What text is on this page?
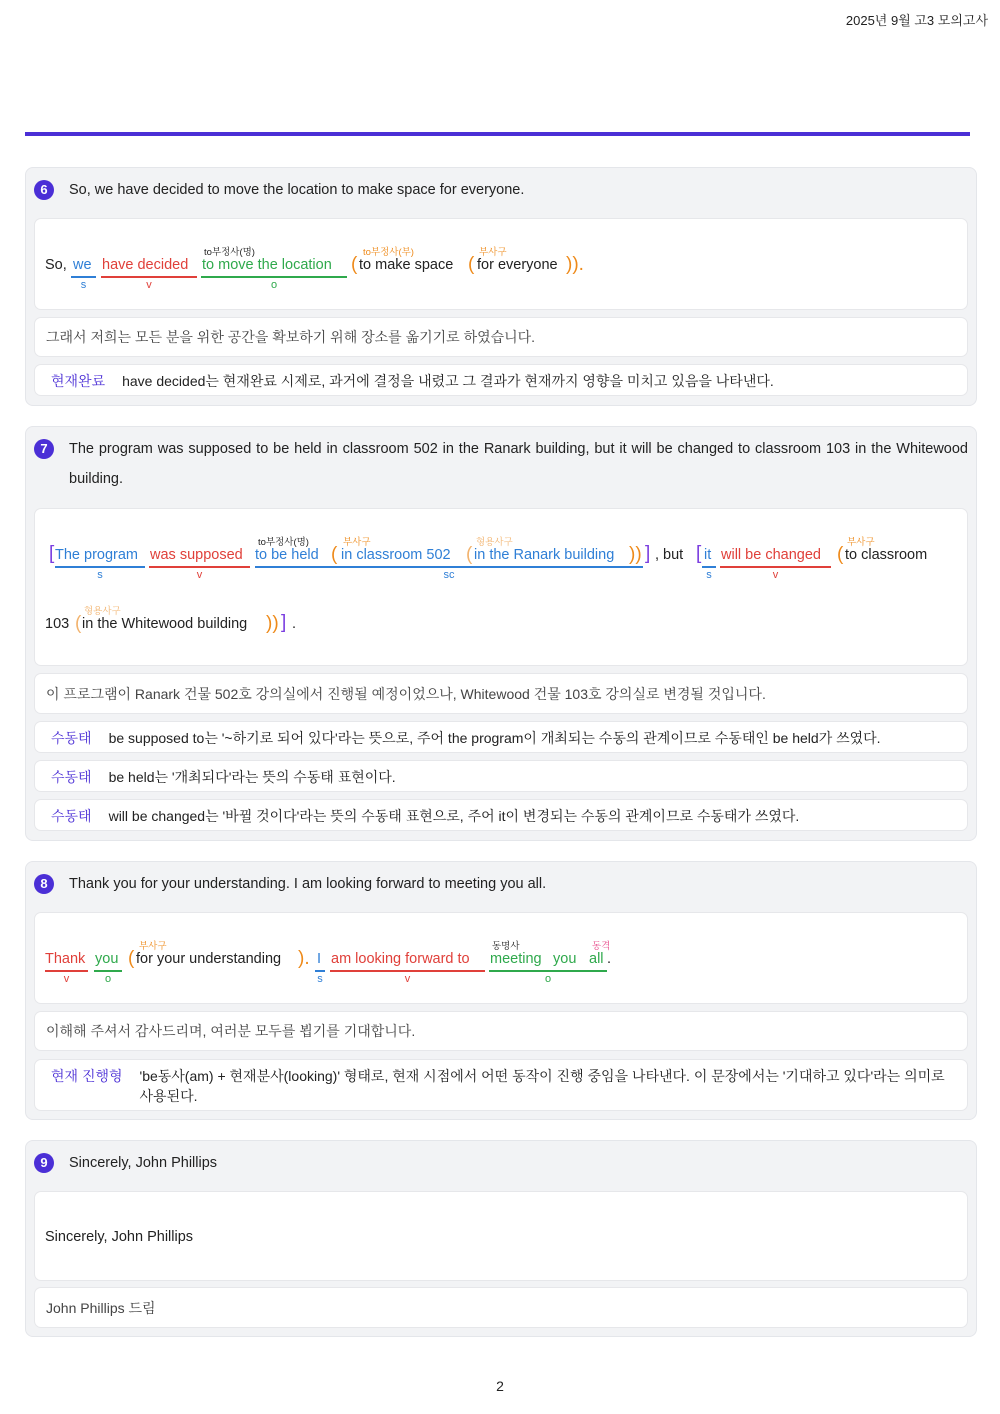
2025년 9월 고3 모의고사
6	So, we have decided to move the location to make space for everyone.
So, we
s
have decided
v
to부정사(명)
to move the location
o
(
to부정사(부)
to make space (
부사구
for everyone )).
그래서 저희는 모든 분을 위한 공간을 확보하기 위해 장소를 옮기기로 하였습니다.
현재완료 have decided는 현재완료 시제로, 과거에 결정을 내렸고 그 결과가 현재까지 영향을 미치고 있음을 나타낸다.
7	The program was supposed to be held in classroom 502 in the Ranark building, but it will be changed to classroom 103 in the Whitewood building.
[ The program
s
was supposed
v
to부정사(명)
to be held (
부사구
in classroom 502 (
형용사구
in the Ranark building )) ]
sc
, but [ it
s
will be changed
v
(
부사구
to classroom
103 (
형용사구
in the Whitewood building )) ] .
이 프로그램이 Ranark 건물 502호 강의실에서 진행될 예정이었으나, Whitewood 건물 103호 강의실로 변경될 것입니다.
수동태 be supposed to는 '~하기로 되어 있다'라는 뜻으로, 주어 the program이 개최되는 수동의 관계이므로 수동태인 be held가 쓰였다.
수동태 be held는 '개최되다'라는 뜻의 수동태 표현이다.
수동태 will be changed는 '바뀔 것이다'라는 뜻의 수동태 표현으로, 주어 it이 변경되는 수동의 관계이므로 수동태가 쓰였다.
8	Thank you for your understanding. I am looking forward to meeting you all.
Thank
v
you
o
(
부사구
for your understanding ). I
s
am looking forward to
v
동명사
meeting you
동격
all .
o
이해해 주셔서 감사드리며, 여러분 모두를 뵙기를 기대합니다.
현재 진행형 'be동사(am) + 현재분사(looking)' 형태로, 현재 시점에서 어떤 동작이 진행 중임을 나타낸다. 이 문장에서는 '기대하고 있다'라는 의미로 사용된다.
9	Sincerely, John Phillips
Sincerely, John Phillips
John Phillips 드림
2
